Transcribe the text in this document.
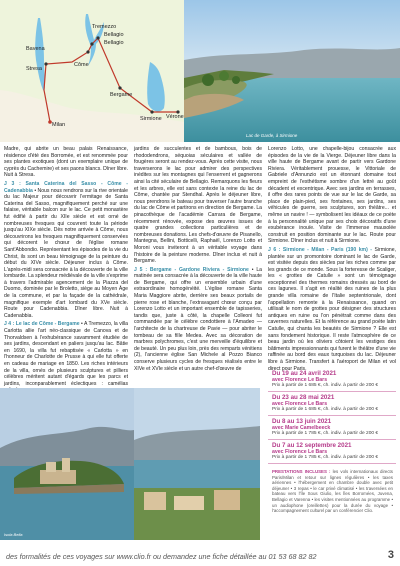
Bellagio
Tremezzo
Bellagio
Bavena
Côme
Stresa
Milan
Bergame
Sirmione Vérone
Lac de Garde, à Sirmione

Madre, qui abrite un beau palais Renaissance, résidence d'été des Borromée, et est renommée pour ses plantes exotiques (dont un exemplaire unique de cyprès du Cachemire) et ses paons blancs. Dîner libre. Nuit à Stresa.

J 3 : Santa Caterina del Sasso - Côme - Cadenabbia • Nous nous rendrons sur la rive orientale du lac Majeur pour découvrir l'ermitage de Santa Caterina del Sasso, magnifiquement perché sur une falaise, véritable balcon sur le lac. Ce petit monastère fut édifié à partir du XIIe siècle et est orné de nombreuses fresques qui couvrent toute la période jusqu'au XIXe siècle. Dès notre arrivée à Côme, nous découvrirons les fresques magnifiquement conservées qui décorent le chœur de l'église romane Sant'Abbondio. Représentant les épisodes de la vie du Christ, ils sont un beau témoignage de la peinture du début du XIVe siècle. Déjeuner inclus à Côme. L'après-midi sera consacrée à la découverte de la ville lombarde. La splendeur médiévale de la ville s'exprime à travers l'admirable agencement de la Piazza del Duomo, dominée par le Broletto, siège au Moyen Âge de la commune, et par la façade de la cathédrale, magnifique exemple d'art lombard du XVe siècle. Route pour Cadenabbia. Dîner libre. Nuit à Cadenabbia.

J 4 : Le lac de Côme - Bergame • A Tremezzo, la villa Carlotta allie l'art néo-classique de Canova et de Thorvaldsen à l'exhubérance savamment étudiée de ses jardins, descendant en paliers jusqu'au lac. Bâtie en 1690, la villa fut rebaptisée « Carlotta » en l'honneur de Charlotte de Prusse à qui elle fut offerte en cadeau de mariage en 1850. Les riches intérieurs de la villa, ornés de plusieurs sculptures et pilliers célèbres méritent autant d'égards que les parcs et jardins, inconparablement éclectiques : camélias

jardins de succulentes et de bambous, bois de rhododendrons, séquoias séculaires et vallée de fougères seront au rendez-vous. Après cette visite, nous traverserons le lac pour admirer des perspectives inédites sur les montagnes qui l'enserrent et gagnerons ainsi la cité séculaire de Bellagio. Remarquons les fleurs et les arbres, elle est sans contexte la reine du lac de Côme, chantée par Stendhal. Après le déjeuner libre, nous prendrons le bateau pour traverser l'autre branche du lac de Côme et partirons en direction de Bergame. La pinacothèque de l'académie Carrara de Bergame, récemment rénovée, expose des œuvres issues de quatre grandes collections particulières et de nombreuses donations. Les chefs-d'œuvre de Pisanello, Mantegna, Bellini, Botticelli, Raphaël, Lorenzo Lotto et Moroni vous inviteront à un véritable voyage dans l'histoire de la peinture moderne. Dîner inclus et nuit à Bergame.

J 5 : Bergame - Gardone Riviera - Sirmione • La matinée sera consacrée à la découverte de la ville haute de Bergame, qui offre un ensemble urbain d'une extraordinaire homogénéité. L'église romane Santa Maria Maggiore abrite, derrière ses beaux portails de pierre rose et blanche, l'extravagant chœur conçu par Lorenzo Lotto et un important ensemble de tapisseries, tandis que, juste à côté, la chapelle Colleoni fut commandée par le célèbre condottiere à l'Amadeo — l'architecte de la chartreuse de Pavie — pour abriter le tombeau de sa fille Medea. Avec sa décoration de marbres polychromes, c'est une merveille d'équilibre et de beauté. Un peu plus loin, près des remparts vénitiens (2), l'ancienne église San Michele al Pozzo Bianco conserve plusieurs cycles de fresques réalisés entre le XIVe et XVIe siècle et un autre chef-d'œuvre de

Lorenzo Lotto, une chapelle-bijou consacrée aux épisodes de la vie de la Vierge. Déjeuner libre dans la ville haute de Bergame avant de partir vers Gardone Riviera. Véritablement prouesse, le Vittoriale de Gabriele d'Annunzio est un étonnant domaine tout empreint de l'esthétisme sombre d'un lettré au goût décadent et excentrique. Avec ses jardins en terrasses, il offre des rares points de vue sur le lac de Garde, sa place de plain-pied, ses fontaines, ses jardins, ses véhicules de guerre, ses sculptures, son théâtre... et même un navire ! — symbolisent les idéaux de ce poète à la personnalité unique par ses choix décoratifs d'une exubérance inouïe. Visite de l'immense mausolée construit en position dominante sur le lac. Route pour Sirmione. Dîner inclus et nuit à Sirmione.

J 6 : Sirmione - Milan - Paris (190 km) - Sirmione, plantée sur un promontoire dominant le lac de Garde, est visitée depuis des siècles par les riches comme par les grands de ce monde. Sous la forteresse de Scaliger, les « grottes de Catulle » sont un témoignage exceptionnel des thermes romains dressés au bord de ces lagunes. Il s'agit en réalité des ruines de la plus grande villa romaine de l'Italie septentrionale, dont l'appellation remonte à la Renaissance, quand on utilisait le nom de grottes pour désigner des structures antiques en ruine ou l'on pénétrait comme dans des cavernes naturelles. Et la référence au grand poète latin Catulle, qui chanta les beautés de Sirmione ? Elle est sans fondement historique. Il reste l'atmosphère de ce beau jardin où les oliviers côtoient les vestiges des bâtiments impressionnants qui furent le théâtre d'une vie raffinée au bord des eaux turquoises du lac. Déjeuner libre à Sirmione. Transfert à l'aéroport de Milan et vol direct pour Paris.

Isola Bella
Du 19 au 24 avril 2021
avec Florence Le Bars
Prix à partir de 1 685 €, ch. indiv. à partir de 200 €
Du 23 au 28 mai 2021
avec Florence Le Bars
Prix à partir de 1 685 €, ch. indiv. à partir de 200 €
Du 8 au 13 juin 2021
avec Marie Camelbeeck
Prix à partir de 1 785 €, ch. indiv. à partir de 200 €
Du 7 au 12 septembre 2021
avec Florence Le Bars
Prix à partir de 1 785 €, ch. indiv. à partir de 200 €
PRESTATIONS INCLUSES : les vols internationaux directs Paris/Milan et retour sur lignes régulières • les taxes aériennes • l'hébergement en chambre double avec petit déjeuner • 3 repas • le car privé climatisé • les traversées en bateau vers l'île Sous Giulio, les Îles Borromées, Juvena, Bellagio et Varenna • les visites mentionnées au programme • un audiophone (oreillettes) pour la durée du voyage • l'accompagnement culturel par un conférencier Clio.
des formalités de ces voyages sur www.clio.fr ou demandez une fiche détaillée au 01 53 68 82 82	3
